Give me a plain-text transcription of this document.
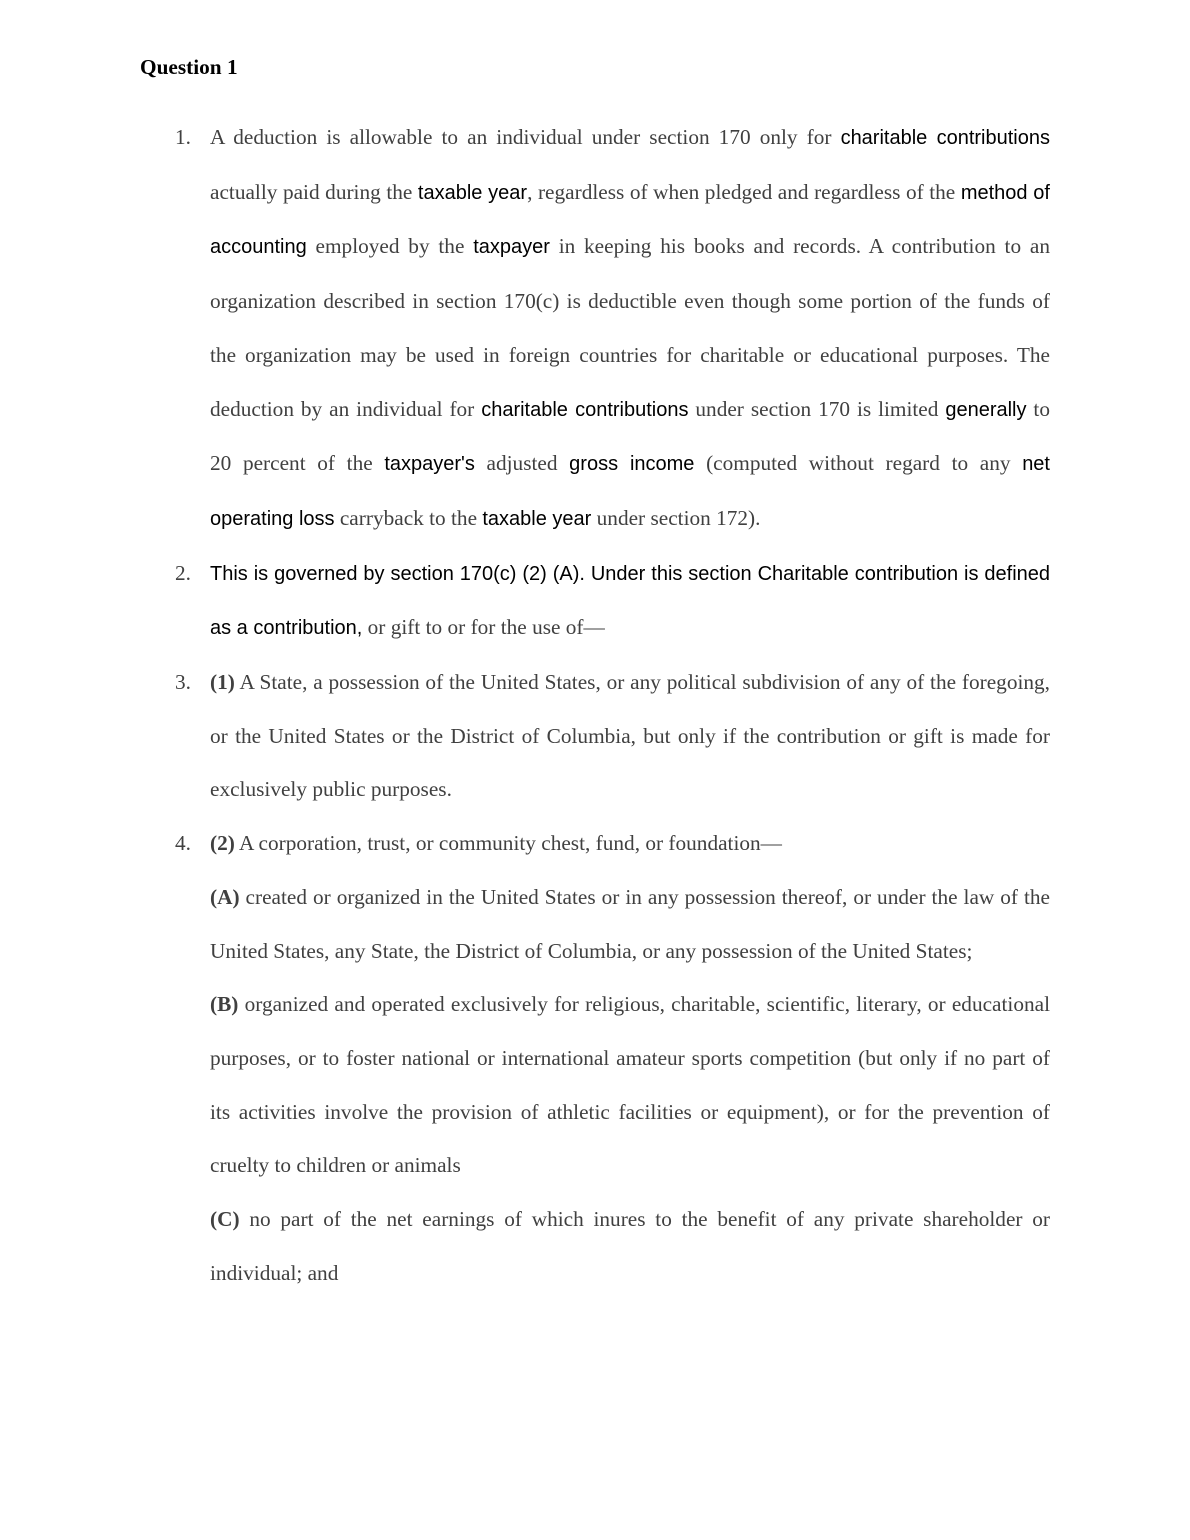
Question 1
1. A deduction is allowable to an individual under section 170 only for charitable contributions actually paid during the taxable year, regardless of when pledged and regardless of the method of accounting employed by the taxpayer in keeping his books and records. A contribution to an organization described in section 170(c) is deductible even though some portion of the funds of the organization may be used in foreign countries for charitable or educational purposes. The deduction by an individual for charitable contributions under section 170 is limited generally to 20 percent of the taxpayer's adjusted gross income (computed without regard to any net operating loss carryback to the taxable year under section 172).
2. This is governed by section 170(c) (2) (A). Under this section Charitable contribution is defined as a contribution, or gift to or for the use of—
3. (1) A State, a possession of the United States, or any political subdivision of any of the foregoing, or the United States or the District of Columbia, but only if the contribution or gift is made for exclusively public purposes.
4. (2) A corporation, trust, or community chest, fund, or foundation—
(A) created or organized in the United States or in any possession thereof, or under the law of the United States, any State, the District of Columbia, or any possession of the United States;
(B) organized and operated exclusively for religious, charitable, scientific, literary, or educational purposes, or to foster national or international amateur sports competition (but only if no part of its activities involve the provision of athletic facilities or equipment), or for the prevention of cruelty to children or animals
(C) no part of the net earnings of which inures to the benefit of any private shareholder or individual; and
